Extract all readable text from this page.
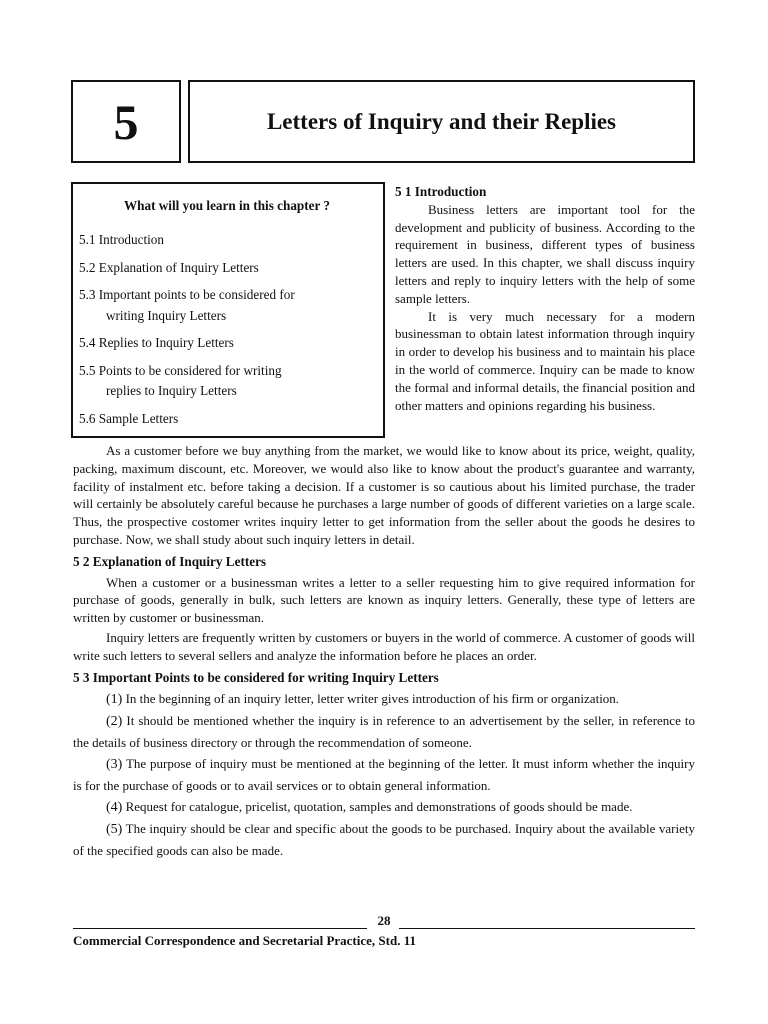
5	Letters of Inquiry and their Replies
What will you learn in this chapter ?
5.1 Introduction
5.2 Explanation of Inquiry Letters
5.3 Important points to be considered for
writing Inquiry Letters
5.4 Replies to Inquiry Letters
5.5 Points to be considered for writing
replies to Inquiry Letters
5.6 Sample Letters
5 1 Introduction

Business letters are important tool for the development and publicity of business. According to the requirement in business, different types of business letters are used. In this chapter, we shall discuss inquiry letters and reply to inquiry letters with the help of some sample letters.

It is very much necessary for a modern businessman to obtain latest information through inquiry in order to develop his business and to maintain his place in the world of commerce. Inquiry can be made to know the formal and informal details, the financial position and other matters and opinions regarding his business.

As a customer before we buy anything from the market, we would like to know about its price, weight, quality, packing, maximum discount, etc. Moreover, we would also like to know about the product's guarantee and warranty, facility of instalment etc. before taking a decision. If a customer is so cautious about his limited purchase, the trader will certainly be absolutely careful because he purchases a large number of goods of different varieties on a large scale. Thus, the prospective costomer writes inquiry letter to get information from the seller about the goods he desires to purchase. Now, we shall study about such inquiry letters in detail.

5 2 Explanation of Inquiry Letters

When a customer or a businessman writes a letter to a seller requesting him to give required information for purchase of goods, generally in bulk, such letters are known as inquiry letters. Generally, these type of letters are written by customer or businessman.

Inquiry letters are frequently written by customers or buyers in the world of commerce. A customer of goods will write such letters to several sellers and analyze the information before he places an order.

5 3 Important Points to be considered for writing Inquiry Letters

(1) In the beginning of an inquiry letter, letter writer gives introduction of his firm or organization.

(2) It should be mentioned whether the inquiry is in reference to an advertisement by the seller, in reference to the details of business directory or through the recommendation of someone.

(3) The purpose of inquiry must be mentioned at the beginning of the letter. It must inform whether the inquiry is for the purchase of goods or to avail services or to obtain general information.

(4) Request for catalogue, pricelist, quotation, samples and demonstrations of goods should be made.

(5) The inquiry should be clear and specific about the goods to be purchased. Inquiry about the available variety of the specified goods can also be made.

28
Commercial Correspondence and Secretarial Practice, Std. 11
